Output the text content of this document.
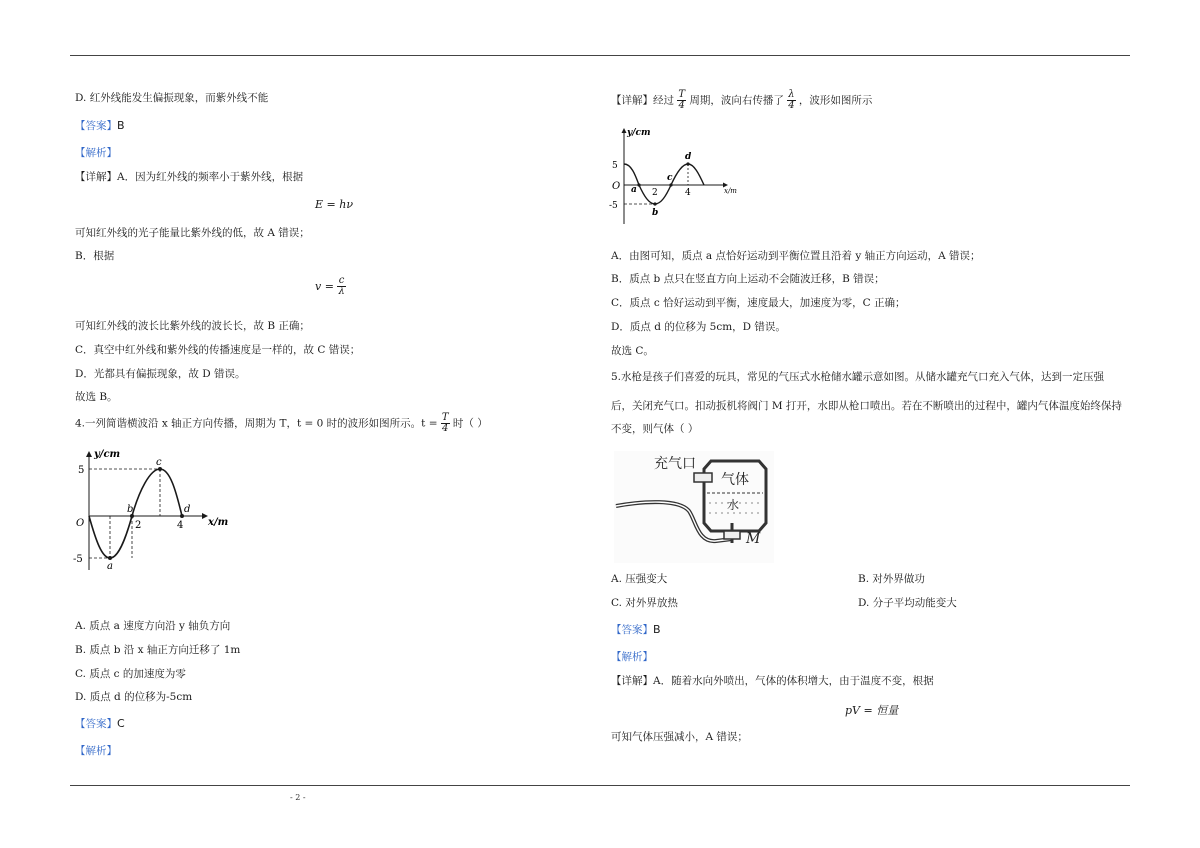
D. 红外线能发生偏振现象，而紫外线不能
【答案】B
【解析】
【详解】A．因为红外线的频率小于紫外线，根据
E = hν
可知红外线的光子能量比紫外线的低，故 A 错误；
B．根据
$v = \frac{c}{\lambda}$
可知红外线的波长比紫外线的波长长，故 B 正确；
C．真空中红外线和紫外线的传播速度是一样的，故 C 错误；
D．光都具有偏振现象，故 D 错误。
故选 B。
4.一列简谐横波沿 x 轴正方向传播，周期为 T，t = 0 时的波形如图所示。$t = \frac{T}{4}$ 时（ ）
y/cm
x/m
O
5
-5
2	4
a
b
c
d
A. 质点 a 速度方向沿 y 轴负方向
B. 质点 b 沿 x 轴正方向迁移了 1m
C. 质点 c 的加速度为零
D. 质点 d 的位移为-5cm
【答案】C
【解析】
【详解】经过 $\frac{T}{4}$ 周期，波向右传播了 $\frac{\lambda}{4}$ ，波形如图所示
y/cm
x/m
O
5
-5
2	4
a
b
c
d
A．由图可知，质点 a 点恰好运动到平衡位置且沿着 y 轴正方向运动，A 错误；
B．质点 b 点只在竖直方向上运动不会随波迁移，B 错误；
C．质点 c 恰好运动到平衡，速度最大，加速度为零，C 正确；
D．质点 d 的位移为 5cm，D 错误。
故选 C。
5.水枪是孩子们喜爱的玩具，常见的气压式水枪储水罐示意如图。从储水罐充气口充入气体，达到一定压强
后，关闭充气口。扣动扳机将阀门 M 打开，水即从枪口喷出。若在不断喷出的过程中，罐内气体温度始终保持
不变，则气体（ ）
充气口
气体
水
M
A. 压强变大	B. 对外界做功
C. 对外界放热	D. 分子平均动能变大
【答案】B
【解析】
【详解】A．随着水向外喷出，气体的体积增大，由于温度不变，根据
pV = 恒量
可知气体压强减小，A 错误；
- 2 -
